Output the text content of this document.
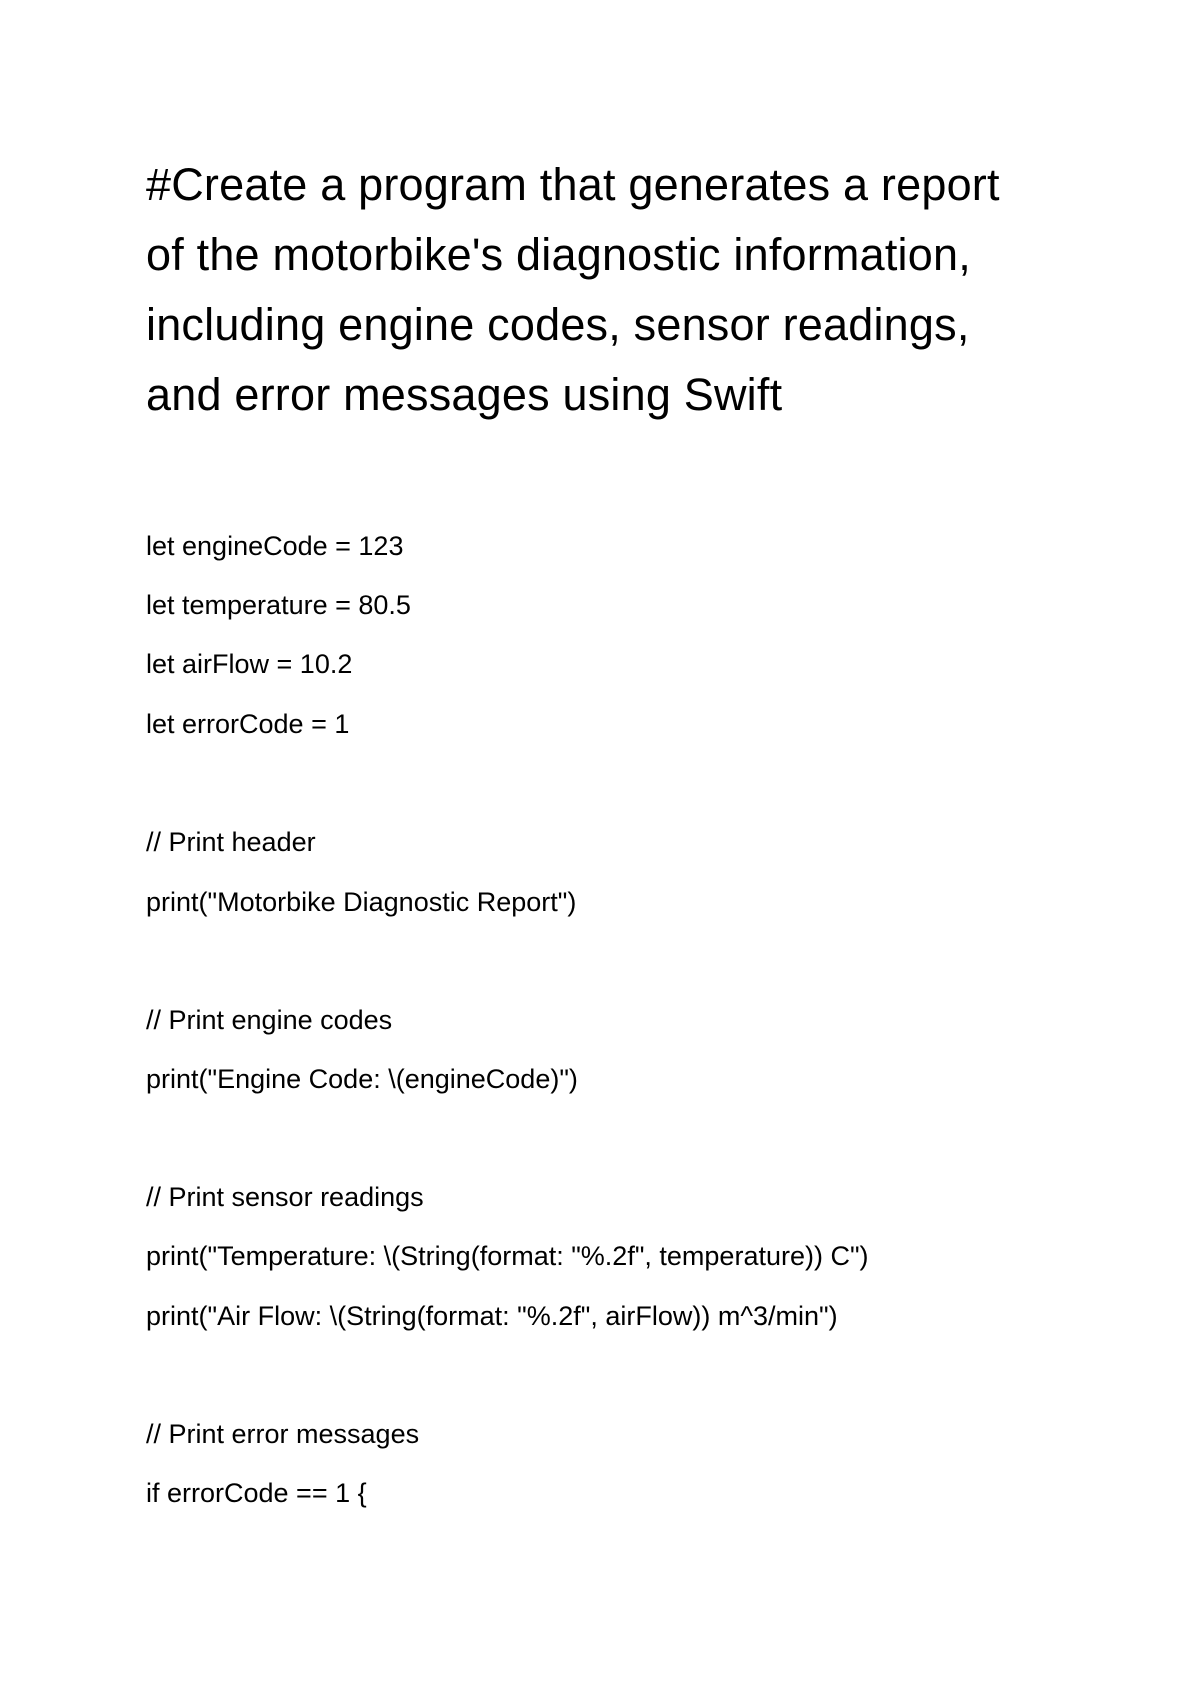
#Create a program that generates a report
of the motorbike's diagnostic information,
including engine codes, sensor readings,
and error messages using Swift

let engineCode = 123

let temperature = 80.5

let airFlow = 10.2

let errorCode = 1

// Print header

print("Motorbike Diagnostic Report")

// Print engine codes

print("Engine Code: \(engineCode)")

// Print sensor readings

print("Temperature: \(String(format: "%.2f", temperature)) C")

print("Air Flow: \(String(format: "%.2f", airFlow)) m^3/min")

// Print error messages

if errorCode == 1 {
